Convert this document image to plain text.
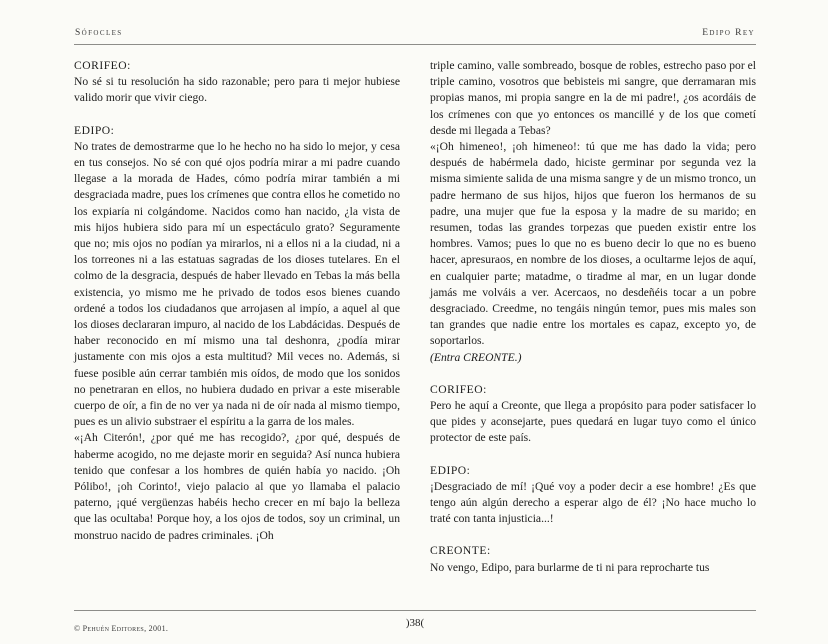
Sófocles	Edipo Rey
CORIFEO:

No sé si tu resolución ha sido razonable; pero para ti mejor hubiese valido morir que vivir ciego.

EDIPO:

No trates de demostrarme que lo he hecho no ha sido lo mejor, y cesa en tus consejos. No sé con qué ojos podría mirar a mi padre cuando llegase a la morada de Hades, cómo podría mirar también a mi desgraciada madre, pues los crímenes que contra ellos he cometido no los expiaría ni colgándome. Nacidos como han nacido, ¿la vista de mis hijos hubiera sido para mí un espectáculo grato? Seguramente que no; mis ojos no podían ya mirarlos, ni a ellos ni a la ciudad, ni a los torreones ni a las estatuas sagradas de los dioses tutelares. En el colmo de la desgracia, después de haber llevado en Tebas la más bella existencia, yo mismo me he privado de todos esos bienes cuando ordené a todos los ciudadanos que arrojasen al impío, a aquel al que los dioses declararan impuro, al nacido de los Labdácidas. Después de haber reconocido en mí mismo una tal deshonra, ¿podía mirar justamente con mis ojos a esta multitud? Mil veces no. Además, si fuese posible aún cerrar también mis oídos, de modo que los sonidos no penetraran en ellos, no hubiera dudado en privar a este miserable cuerpo de oír, a fin de no ver ya nada ni de oír nada al mismo tiempo, pues es un alivio substraer el espíritu a la garra de los males.

«¡Ah Citerón!, ¿por qué me has recogido?, ¿por qué, después de haberme acogido, no me dejaste morir en seguida? Así nunca hubiera tenido que confesar a los hombres de quién había yo nacido. ¡Oh Pólibo!, ¡oh Corinto!, viejo palacio al que yo llamaba el palacio paterno, ¡qué vergüenzas habéis hecho crecer en mí bajo la belleza que las ocultaba! Porque hoy, a los ojos de todos, soy un criminal, un monstruo nacido de padres criminales. ¡Oh

triple camino, valle sombreado, bosque de robles, estrecho paso por el triple camino, vosotros que bebisteis mi sangre, que derramaran mis propias manos, mi propia sangre en la de mi padre!, ¿os acordáis de los crímenes con que yo entonces os mancillé y de los que cometí desde mi llegada a Tebas?

«¡Oh himeneo!, ¡oh himeneo!: tú que me has dado la vida; pero después de habérmela dado, hiciste germinar por segunda vez la misma simiente salida de una misma sangre y de un mismo tronco, un padre hermano de sus hijos, hijos que fueron los hermanos de su padre, una mujer que fue la esposa y la madre de su marido; en resumen, todas las grandes torpezas que pueden existir entre los hombres. Vamos; pues lo que no es bueno decir lo que no es bueno hacer, apresuraos, en nombre de los dioses, a ocultarme lejos de aquí, en cualquier parte; matadme, o tiradme al mar, en un lugar donde jamás me volváis a ver. Acercaos, no desdeñéis tocar a un pobre desgraciado. Creedme, no tengáis ningún temor, pues mis males son tan grandes que nadie entre los mortales es capaz, excepto yo, de soportarlos.

(Entra CREONTE.)

CORIFEO:

Pero he aquí a Creonte, que llega a propósito para poder satisfacer lo que pides y aconsejarte, pues quedará en lugar tuyo como el único protector de este país.

EDIPO:

¡Desgraciado de mí! ¡Qué voy a poder decir a ese hombre! ¿Es que tengo aún algún derecho a esperar algo de él? ¡No hace mucho lo traté con tanta injusticia...!

CREONTE:

No vengo, Edipo, para burlarme de ti ni para reprocharte tus

© Pehuén Editores, 2001.	)38(
